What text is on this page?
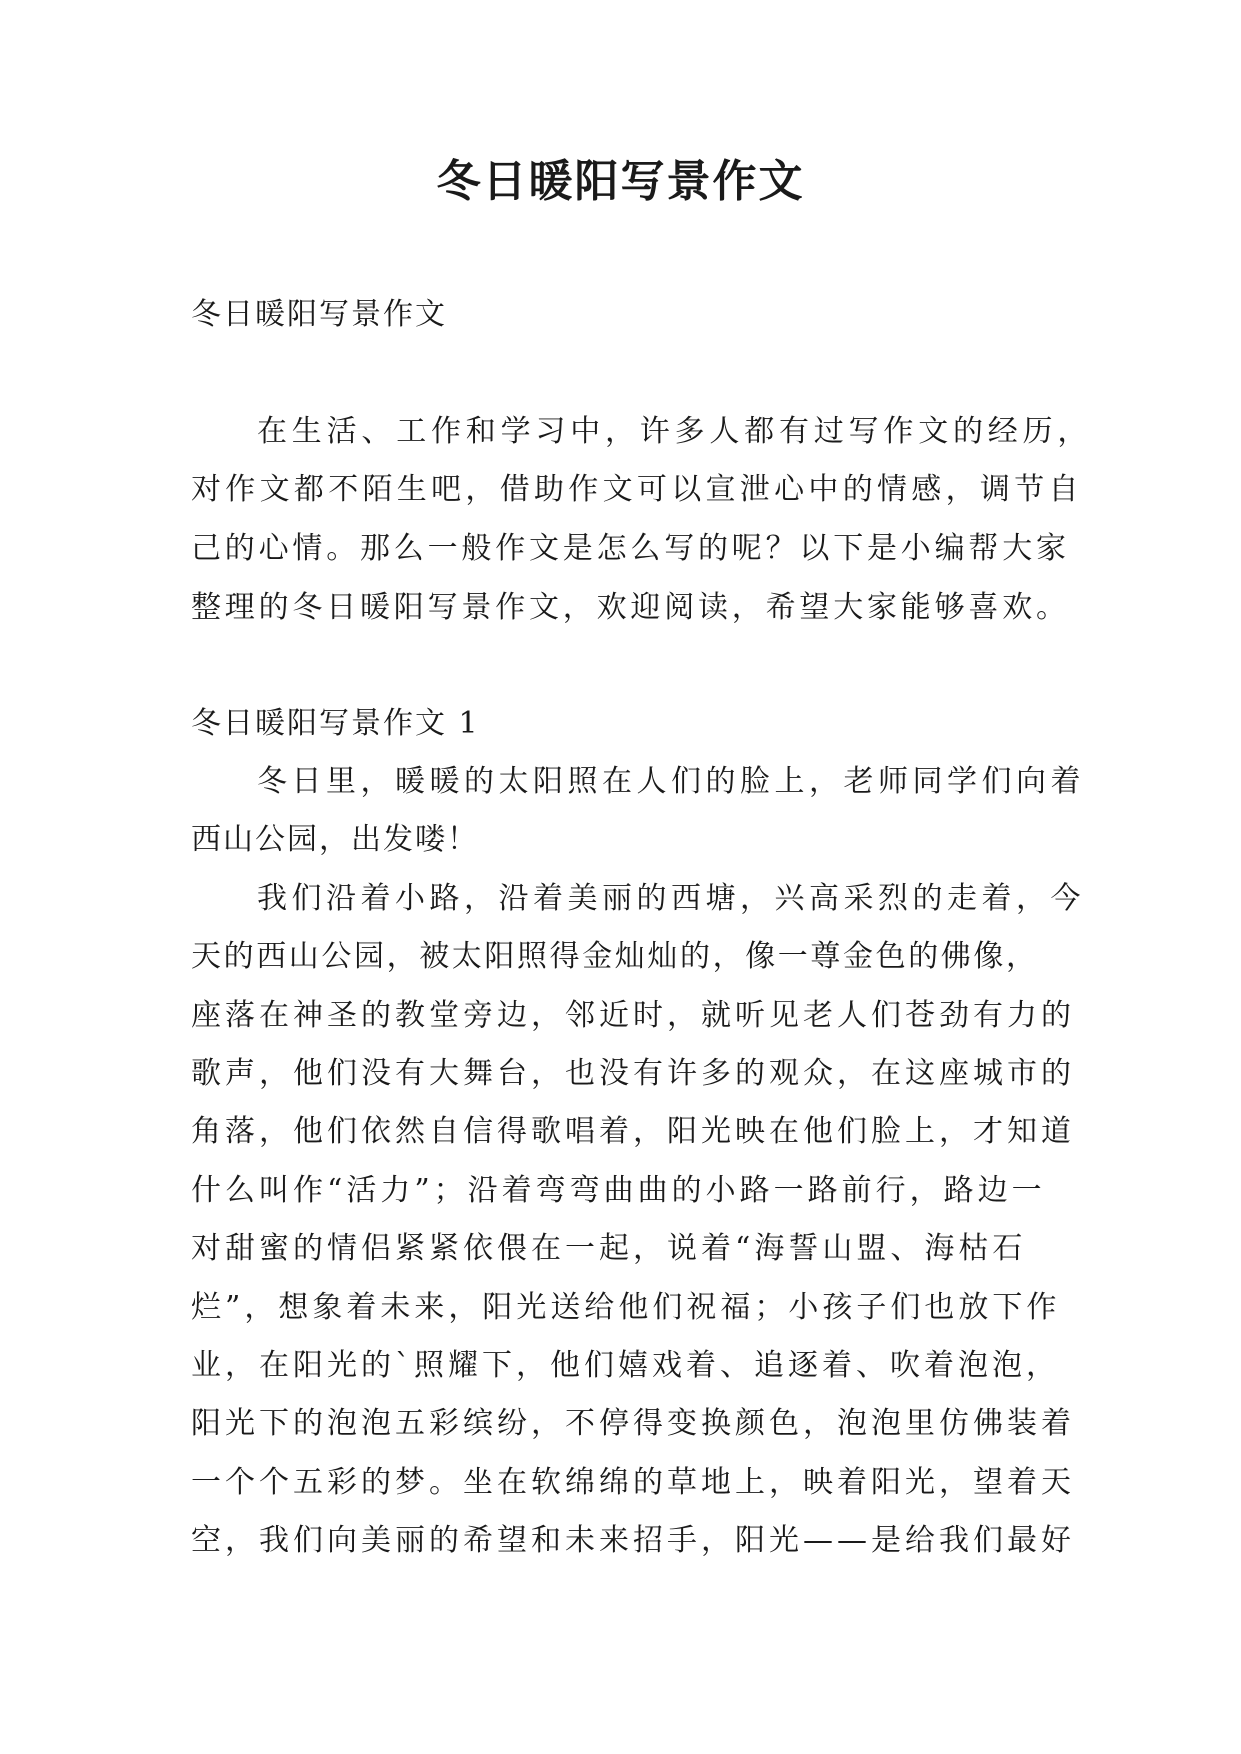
冬日暖阳写景作文

冬日暖阳写景作文

在生活、工作和学习中，许多人都有过写作文的经历，

对作文都不陌生吧，借助作文可以宣泄心中的情感，调节自

己的心情。那么一般作文是怎么写的呢？以下是小编帮大家

整理的冬日暖阳写景作文，欢迎阅读，希望大家能够喜欢。

冬日暖阳写景作文 1

冬日里，暖暖的太阳照在人们的脸上，老师同学们向着

西山公园，出发喽！

我们沿着小路，沿着美丽的西塘，兴高采烈的走着，今

天的西山公园，被太阳照得金灿灿的，像一尊金色的佛像，

座落在神圣的教堂旁边，邻近时，就听见老人们苍劲有力的

歌声，他们没有大舞台，也没有许多的观众，在这座城市的

角落，他们依然自信得歌唱着，阳光映在他们脸上，才知道

什么叫作“活力”；沿着弯弯曲曲的小路一路前行，路边一

对甜蜜的情侣紧紧依偎在一起，说着“海誓山盟、海枯石

烂”，想象着未来，阳光送给他们祝福；小孩子们也放下作

业，在阳光的`照耀下，他们嬉戏着、追逐着、吹着泡泡，

阳光下的泡泡五彩缤纷，不停得变换颜色，泡泡里仿佛装着

一个个五彩的梦。坐在软绵绵的草地上，映着阳光，望着天

空，我们向美丽的希望和未来招手，阳光——是给我们最好
